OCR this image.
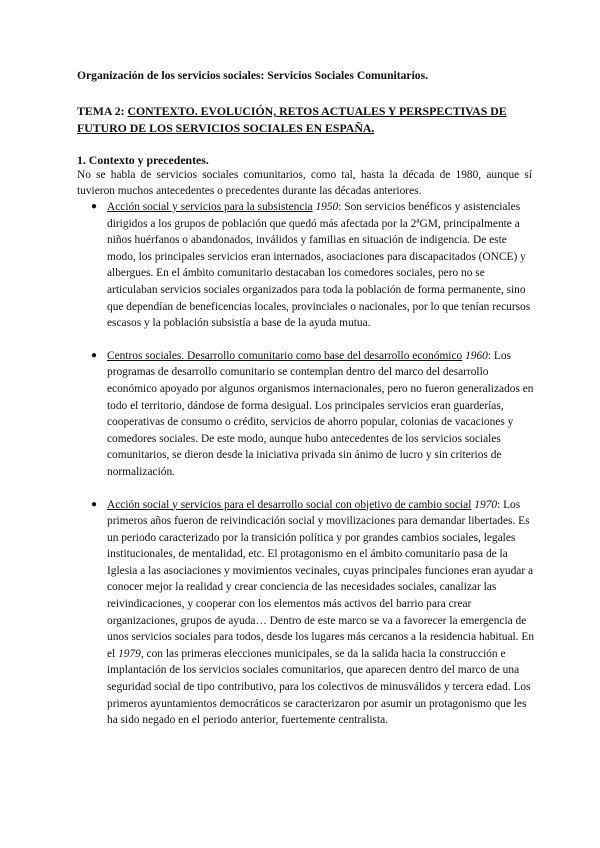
Organización de los servicios sociales: Servicios Sociales Comunitarios.
TEMA 2: CONTEXTO. EVOLUCIÓN, RETOS ACTUALES Y PERSPECTIVAS DE FUTURO DE LOS SERVICIOS SOCIALES EN ESPAÑA.
1. Contexto y precedentes.
No se habla de servicios sociales comunitarios, como tal, hasta la década de 1980, aunque sí tuvieron muchos antecedentes o precedentes durante las décadas anteriores.
● Acción social y servicios para la subsistencia 1950: Son servicios benéficos y asistenciales dirigidos a los grupos de población que quedó más afectada por la 2ªGM, principalmente a niños huérfanos o abandonados, inválidos y familias en situación de indigencia. De este modo, los principales servicios eran internados, asociaciones para discapacitados (ONCE) y albergues. En el ámbito comunitario destacaban los comedores sociales, pero no se articulaban servicios sociales organizados para toda la población de forma permanente, sino que dependían de beneficencias locales, provinciales o nacionales, por lo que tenían recursos escasos y la población subsistía a base de la ayuda mutua.
● Centros sociales. Desarrollo comunitario como base del desarrollo económico 1960: Los programas de desarrollo comunitario se contemplan dentro del marco del desarrollo económico apoyado por algunos organismos internacionales, pero no fueron generalizados en todo el territorio, dándose de forma desigual. Los principales servicios eran guarderías, cooperativas de consumo o crédito, servicios de ahorro popular, colonias de vacaciones y comedores sociales. De este modo, aunque hubo antecedentes de los servicios sociales comunitarios, se dieron desde la iniciativa privada sin ánimo de lucro y sin criterios de normalización.
● Acción social y servicios para el desarrollo social con objetivo de cambio social 1970: Los primeros años fueron de reivindicación social y movilizaciones para demandar libertades. Es un periodo caracterizado por la transición política y por grandes cambios sociales, legales institucionales, de mentalidad, etc. El protagonismo en el ámbito comunitario pasa de la Iglesia a las asociaciones y movimientos vecinales, cuyas principales funciones eran ayudar a conocer mejor la realidad y crear conciencia de las necesidades sociales, canalizar las reivindicaciones, y cooperar con los elementos más activos del barrio para crear organizaciones, grupos de ayuda… Dentro de este marco se va a favorecer la emergencia de unos servicios sociales para todos, desde los lugares más cercanos a la residencia habitual. En el 1979, con las primeras elecciones municipales, se da la salida hacia la construcción e implantación de los servicios sociales comunitarios, que aparecen dentro del marco de una seguridad social de tipo contributivo, para los colectivos de minusválidos y tercera edad. Los primeros ayuntamientos democráticos se caracterizaron por asumir un protagonismo que les ha sido negado en el periodo anterior, fuertemente centralista.
